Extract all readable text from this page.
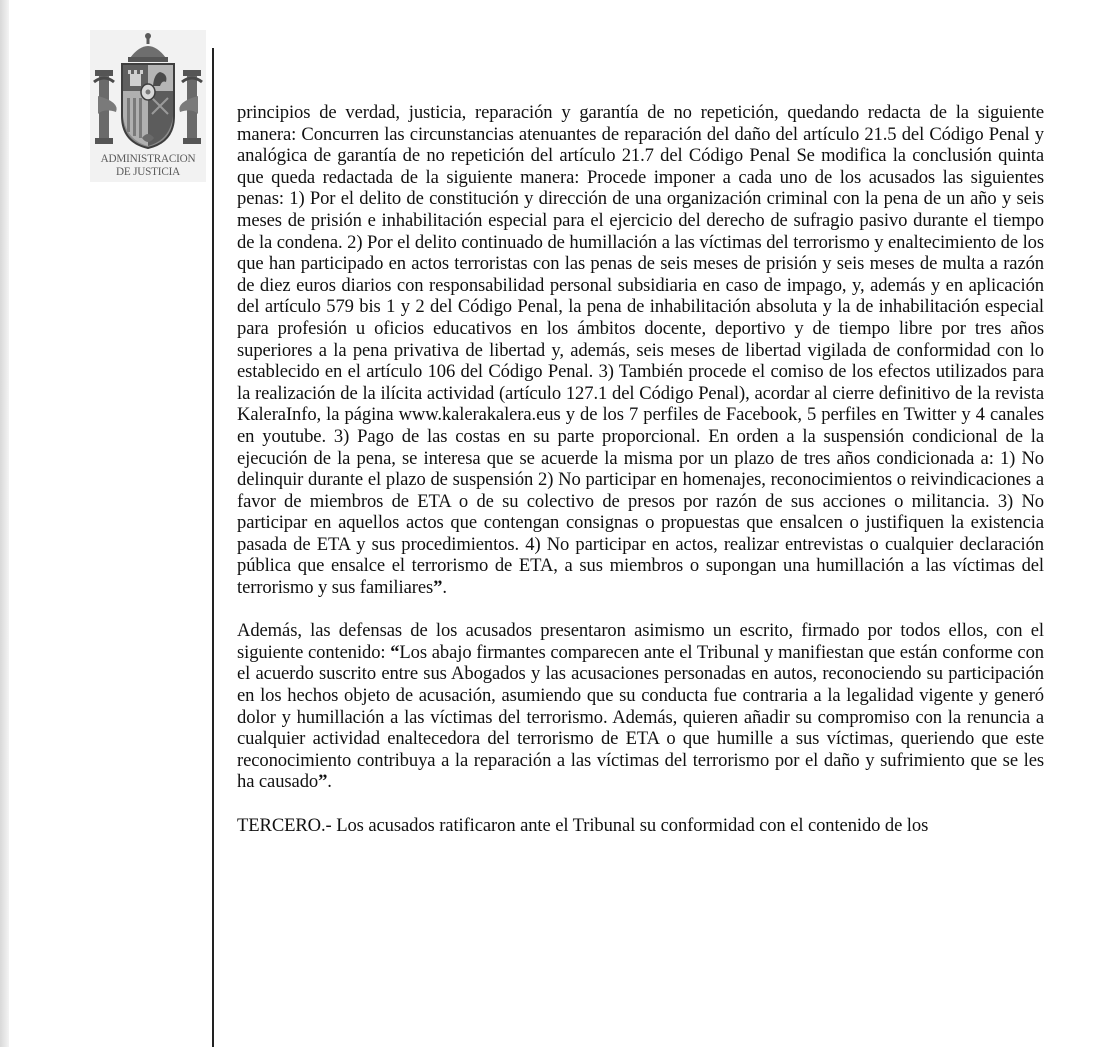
ADMINISTRACION
DE JUSTICIA

principios de verdad, justicia, reparación y garantía de no repetición, quedando redacta de la siguiente manera: Concurren las circunstancias atenuantes de reparación del daño del artículo 21.5 del Código Penal y analógica de garantía de no repetición del artículo 21.7 del Código Penal Se modifica la conclusión quinta que queda redactada de la siguiente manera: Procede imponer a cada uno de los acusados las siguientes penas: 1) Por el delito de constitución y dirección de una organización criminal con la pena de un año y seis meses de prisión e inhabilitación especial para el ejercicio del derecho de sufragio pasivo durante el tiempo de la condena. 2) Por el delito continuado de humillación a las víctimas del terrorismo y enaltecimiento de los que han participado en actos terroristas con las penas de seis meses de prisión y seis meses de multa a razón de diez euros diarios con responsabilidad personal subsidiaria en caso de impago, y, además y en aplicación del artículo 579 bis 1 y 2 del Código Penal, la pena de inhabilitación absoluta y la de inhabilitación especial para profesión u oficios educativos en los ámbitos docente, deportivo y de tiempo libre por tres años superiores a la pena privativa de libertad y, además, seis meses de libertad vigilada de conformidad con lo establecido en el artículo 106 del Código Penal. 3) También procede el comiso de los efectos utilizados para la realización de la ilícita actividad (artículo 127.1 del Código Penal), acordar al cierre definitivo de la revista KaleraInfo, la página www.kalerakalera.eus y de los 7 perfiles de Facebook, 5 perfiles en Twitter y 4 canales en youtube. 3) Pago de las costas en su parte proporcional. En orden a la suspensión condicional de la ejecución de la pena, se interesa que se acuerde la misma por un plazo de tres años condicionada a: 1) No delinquir durante el plazo de suspensión 2) No participar en homenajes, reconocimientos o reivindicaciones a favor de miembros de ETA o de su colectivo de presos por razón de sus acciones o militancia. 3) No participar en aquellos actos que contengan consignas o propuestas que ensalcen o justifiquen la existencia pasada de ETA y sus procedimientos. 4) No participar en actos, realizar entrevistas o cualquier declaración pública que ensalce el terrorismo de ETA, a sus miembros o supongan una humillación a las víctimas del terrorismo y sus familiares”.

Además, las defensas de los acusados presentaron asimismo un escrito, firmado por todos ellos, con el siguiente contenido: “Los abajo firmantes comparecen ante el Tribunal y manifiestan que están conforme con el acuerdo suscrito entre sus Abogados y las acusaciones personadas en autos, reconociendo su participación en los hechos objeto de acusación, asumiendo que su conducta fue contraria a la legalidad vigente y generó dolor y humillación a las víctimas del terrorismo. Además, quieren añadir su compromiso con la renuncia a cualquier actividad enaltecedora del terrorismo de ETA o que humille a sus víctimas, queriendo que este reconocimiento contribuya a la reparación a las víctimas del terrorismo por el daño y sufrimiento que se les ha causado”.

TERCERO.- Los acusados ratificaron ante el Tribunal su conformidad con el contenido de los
